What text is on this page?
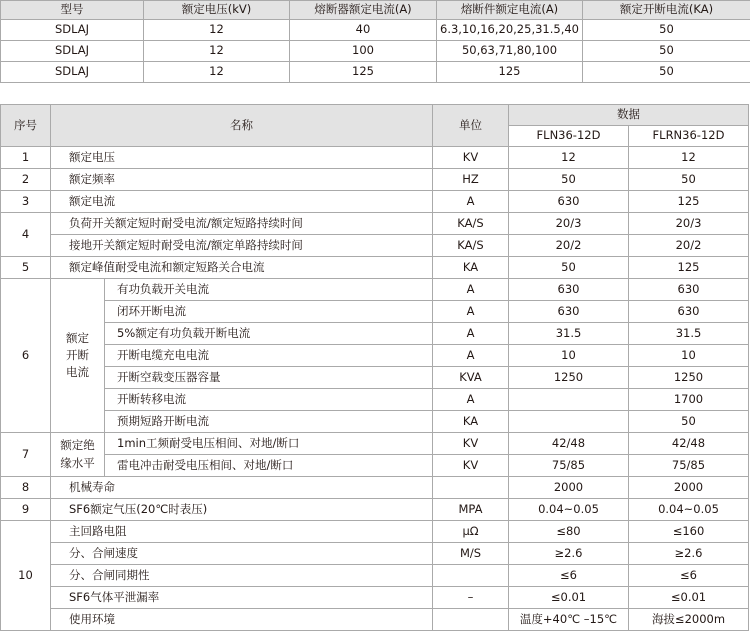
型号	额定电压(kV)	熔断器额定电流(A)	熔断件额定电流(A)	额定开断电流(KA)
SDLAJ	12	40	6.3,10,16,20,25,31.5,40	50
SDLAJ	12	100	50,63,71,80,100	50
SDLAJ	12	125	125	50
序号	名称		单位	数据	
				FLN36-12D	FLRN36-12D
1	额定电压		KV	12	12
2	额定频率		HZ	50	50
3	额定电流		A	630	125
4	负荷开关额定短时耐受电流/额定短路持续时间		KA/S	20/3	20/3
	接地开关额定短时耐受电流/额定单路持续时间		KA/S	20/2	20/2
5	额定峰值耐受电流和额定短路关合电流		KA	50	125
6	额定
开断
电流	有功负载开关电流	A	630	630
		闭环开断电流	A	630	630
		5%额定有功负载开断电流	A	31.5	31.5
		开断电缆充电电流	A	10	10
		开断空载变压器容量	KVA	1250	1250
		开断转移电流	A		1700
		预期短路开断电流	KA		50
7	额定绝
缘水平	1min工频耐受电压相间、对地/断口	KV	42/48	42/48
		雷电冲击耐受电压相间、对地/断口	KV	75/85	75/85
8	机械寿命			2000	2000
9	SF6额定气压(20℃时表压)		MPA	0.04~0.05	0.04~0.05
10	主回路电阻		μΩ	≤80	≤160
	分、合闸速度		M/S	≥2.6	≥2.6
	分、合闸同期性			≤6	≤6
	SF6气体平泄漏率		–	≤0.01	≤0.01
	使用环境			温度+40℃ –15℃	海拔≤2000m
